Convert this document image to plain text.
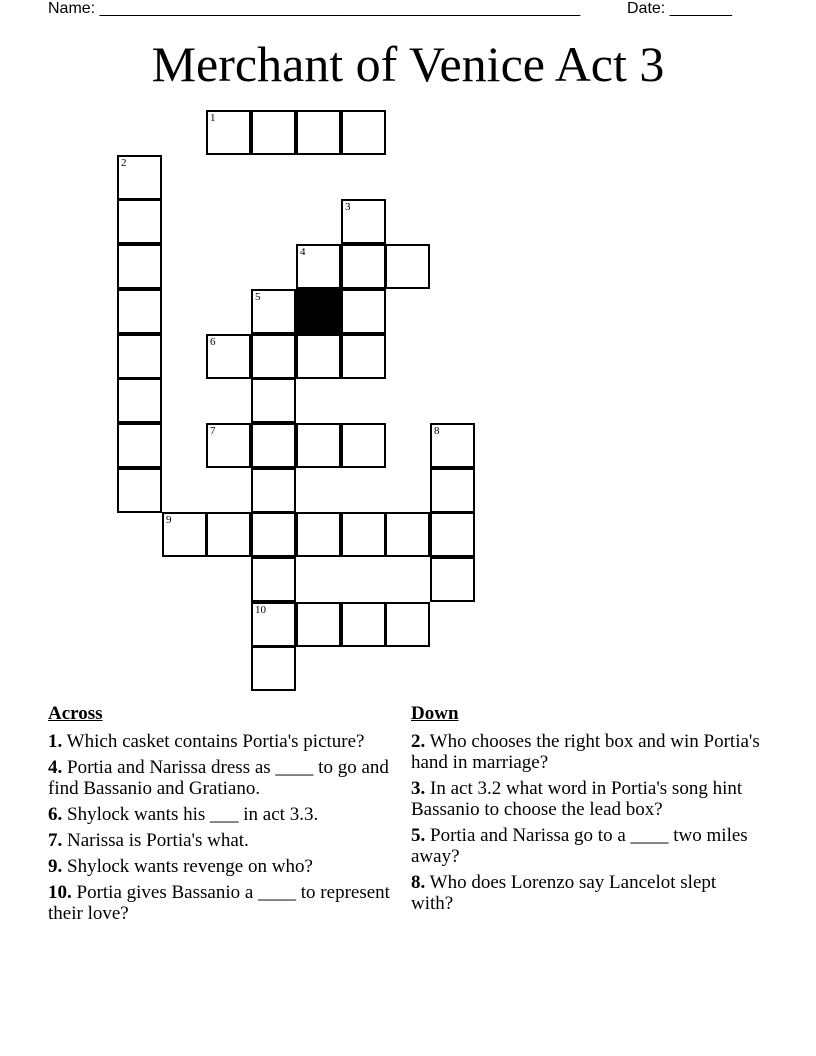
Name: ______________________________________________________	Date: _______
Merchant of Venice Act 3
1
2
3
4
5
6
7	8
9
10
Across
1. Which casket contains Portia's picture?
4. Portia and Narissa dress as ____ to go and find Bassanio and Gratiano.
6. Shylock wants his ___ in act 3.3.
7. Narissa is Portia's what.
9. Shylock wants revenge on who?
10. Portia gives Bassanio a ____ to represent their love?
Down
2. Who chooses the right box and win Portia's hand in marriage?
3. In act 3.2 what word in Portia's song hint Bassanio to choose the lead box?
5. Portia and Narissa go to a ____ two miles away?
8. Who does Lorenzo say Lancelot slept with?
